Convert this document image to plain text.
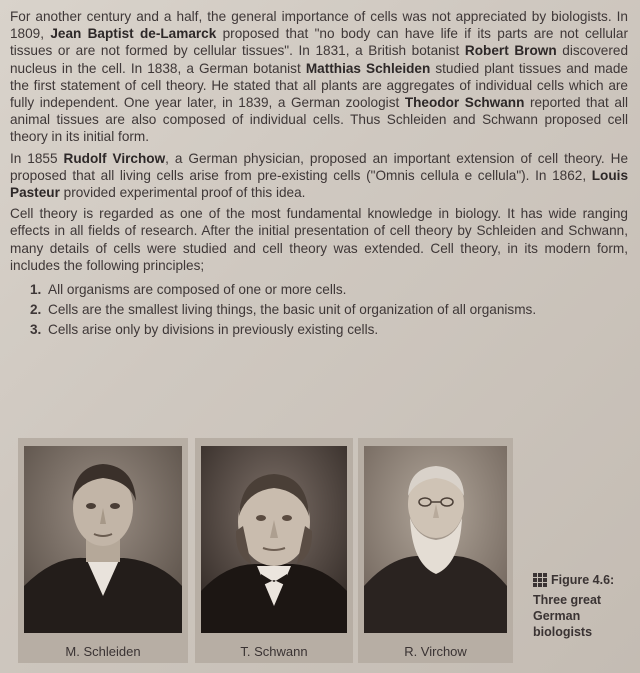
For another century and a half, the general importance of cells was not appreciated by biologists. In 1809, Jean Baptist de-Lamarck proposed that "no body can have life if its parts are not cellular tissues or are not formed by cellular tissues". In 1831, a British botanist Robert Brown discovered nucleus in the cell. In 1838, a German botanist Matthias Schleiden studied plant tissues and made the first statement of cell theory. He stated that all plants are aggregates of individual cells which are fully independent. One year later, in 1839, a German zoologist Theodor Schwann reported that all animal tissues are also composed of individual cells. Thus Schleiden and Schwann proposed cell theory in its initial form.

In 1855 Rudolf Virchow, a German physician, proposed an important extension of cell theory. He proposed that all living cells arise from pre-existing cells ("Omnis cellula e cellula"). In 1862, Louis Pasteur provided experimental proof of this idea.

Cell theory is regarded as one of the most fundamental knowledge in biology. It has wide ranging effects in all fields of research. After the initial presentation of cell theory by Schleiden and Schwann, many details of cells were studied and cell theory was extended. Cell theory, in its modern form, includes the following principles;

1. All organisms are composed of one or more cells.
2. Cells are the smallest living things, the basic unit of organization of all organisms.
3. Cells arise only by divisions in previously existing cells.
M. Schleiden	T. Schwann	R. Virchow
Figure 4.6:
Three great German biologists
